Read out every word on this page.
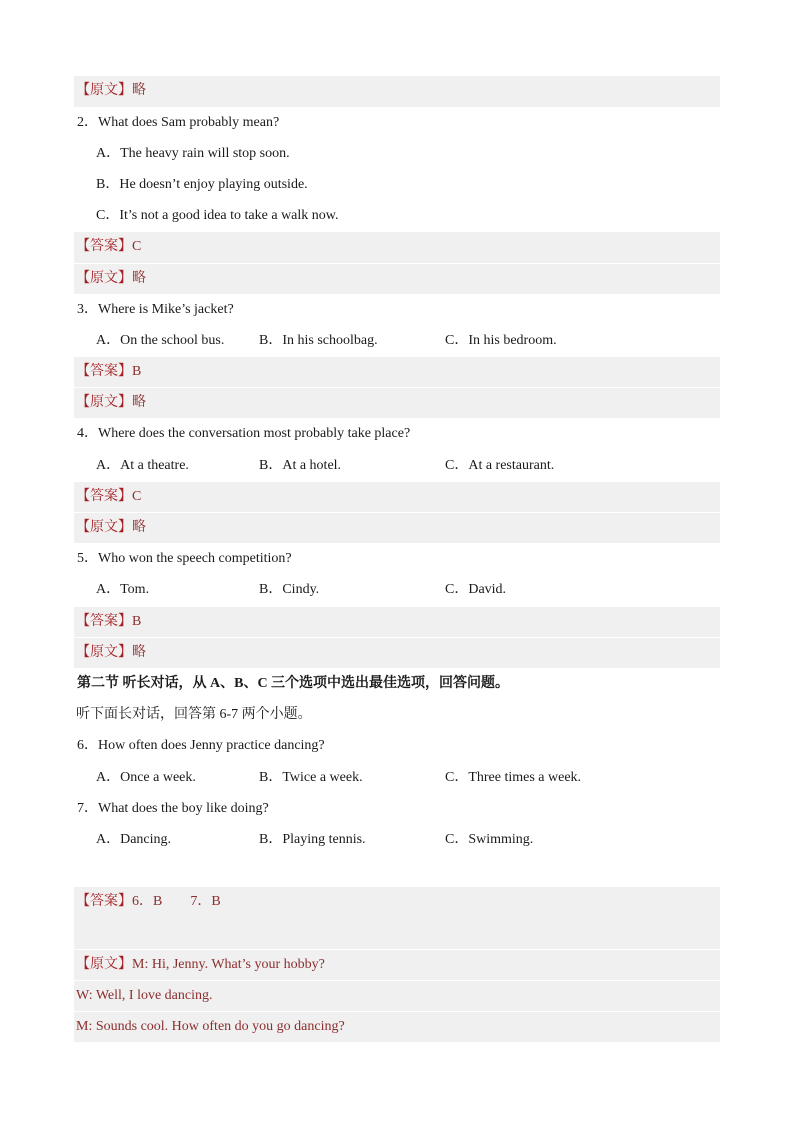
【原文】略
2．What does Sam probably mean?
A．The heavy rain will stop soon.
B．He doesn’t enjoy playing outside.
C．It’s not a good idea to take a walk now.
【答案】C
【原文】略
3．Where is Mike’s jacket?
A．On the school bus. B．In his schoolbag.	C．In his bedroom.
【答案】B
【原文】略
4．Where does the conversation most probably take place?
A．At a theatre.	B．At a hotel.	C．At a restaurant.
【答案】C
【原文】略
5．Who won the speech competition?
A．Tom.	B．Cindy.	C．David.
【答案】B
【原文】略
第二节 听长对话，从 A、B、C 三个选项中选出最佳选项，回答问题。
听下面长对话，回答第 6-7 两个小题。
6．How often does Jenny practice dancing?
A．Once a week.	B．Twice a week.	C．Three times a week.
7．What does the boy like doing?
A．Dancing.	B．Playing tennis.	C．Swimming.
【答案】6．B 7．B
【原文】M: Hi, Jenny. What’s your hobby?
W: Well, I love dancing.
M: Sounds cool. How often do you go dancing?
